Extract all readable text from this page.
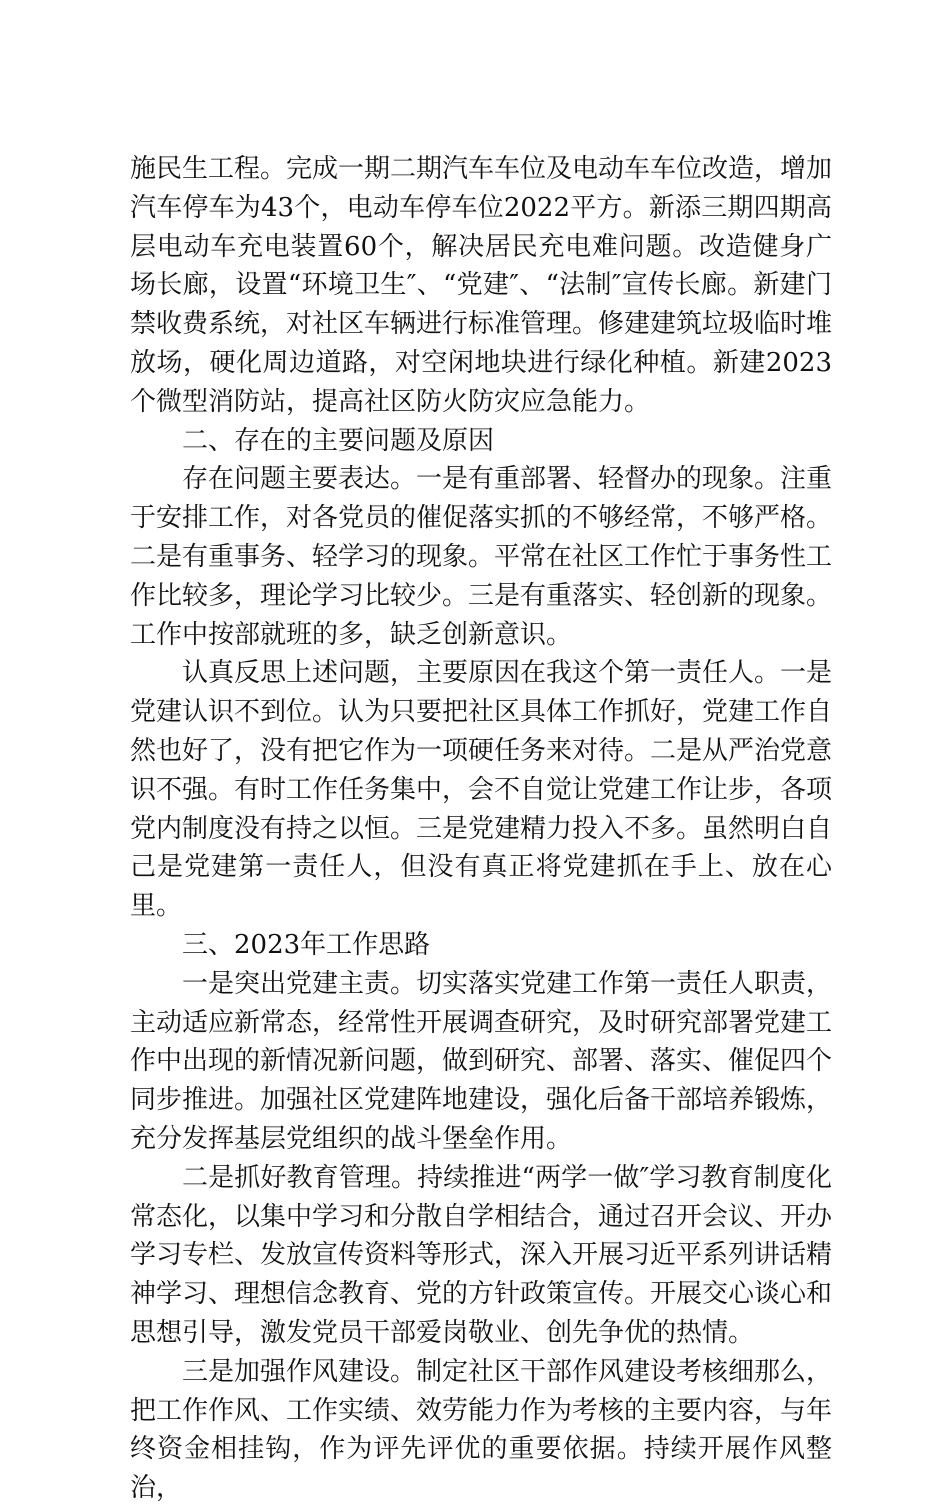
施民生工程。完成一期二期汽车车位及电动车车位改造，增加汽车停车为43个，电动车停车位2022平方。新添三期四期高层电动车充电装置60个，解决居民充电难问题。改造健身广场长廊，设置“环境卫生″、“党建″、“法制″宣传长廊。新建门禁收费系统，对社区车辆进行标准管理。修建建筑垃圾临时堆放场，硬化周边道路，对空闲地块进行绿化种植。新建2023个微型消防站，提高社区防火防灾应急能力。

二、存在的主要问题及原因

存在问题主要表达。一是有重部署、轻督办的现象。注重于安排工作，对各党员的催促落实抓的不够经常，不够严格。二是有重事务、轻学习的现象。平常在社区工作忙于事务性工作比较多，理论学习比较少。三是有重落实、轻创新的现象。工作中按部就班的多，缺乏创新意识。

认真反思上述问题，主要原因在我这个第一责任人。一是党建认识不到位。认为只要把社区具体工作抓好，党建工作自然也好了，没有把它作为一项硬任务来对待。二是从严治党意识不强。有时工作任务集中，会不自觉让党建工作让步，各项党内制度没有持之以恒。三是党建精力投入不多。虽然明白自己是党建第一责任人，但没有真正将党建抓在手上、放在心里。

三、2023年工作思路

一是突出党建主责。切实落实党建工作第一责任人职责，主动适应新常态，经常性开展调查研究，及时研究部署党建工作中出现的新情况新问题，做到研究、部署、落实、催促四个同步推进。加强社区党建阵地建设，强化后备干部培养锻炼，充分发挥基层党组织的战斗堡垒作用。

二是抓好教育管理。持续推进“两学一做″学习教育制度化常态化，以集中学习和分散自学相结合，通过召开会议、开办学习专栏、发放宣传资料等形式，深入开展习近平系列讲话精神学习、理想信念教育、党的方针政策宣传。开展交心谈心和思想引导，激发党员干部爱岗敬业、创先争优的热情。

三是加强作风建设。制定社区干部作风建设考核细那么，把工作作风、工作实绩、效劳能力作为考核的主要内容，与年终资金相挂钩，作为评先评优的重要依据。持续开展作风整治，
